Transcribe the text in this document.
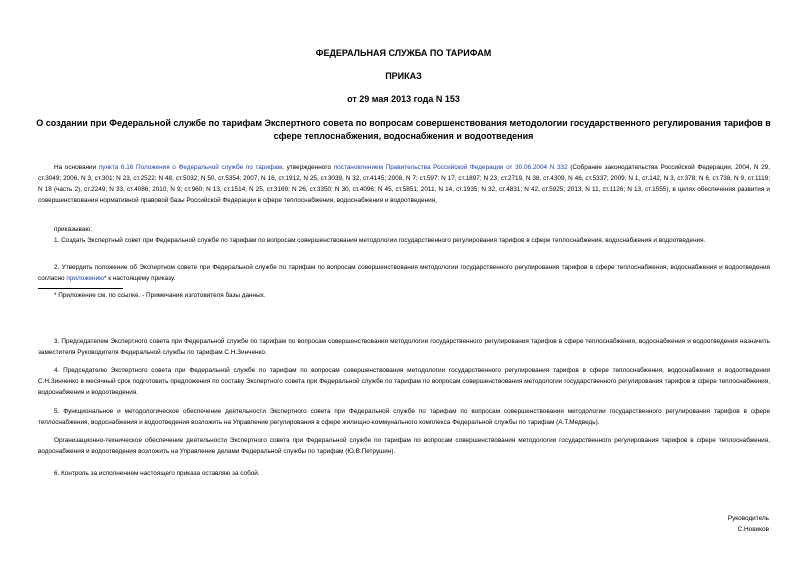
ФЕДЕРАЛЬНАЯ СЛУЖБА ПО ТАРИФАМ
ПРИКАЗ
от 29 мая 2013 года N 153
О создании при Федеральной службе по тарифам Экспертного совета по вопросам совершенствования методологии государственного регулирования тарифов в сфере теплоснабжения, водоснабжения и водоотведения

На основании пункта 6.16 Положения о Федеральной службе по тарифам, утвержденного постановлением Правительства Российской Федерации от 30.06.2004 N 332 (Собрание законодательства Российской Федерации, 2004, N 29, ст.3049; 2006, N 3, ст.301; N 23, ст.2522; N 48, ст.5032; N 50, ст.5354; 2007, N 16, ст.1912, N 25, ст.3039, N 32, ст.4145; 2008, N 7; ст.597; N 17, ст.1897; N 23, ст.2719, N 38, ст.4309, N 46, ст.5337; 2009, N 1, ст.142, N 3, ст.378; N 6, ст.738, N 9, ст.1119; N 18 (часть 2), ст.2249; N 33, ст.4086; 2010, N 9; ст.960; N 13, ст.1514; N 25, ст.3169; N 26, ст.3350; N 30, ст.4096; N 45, ст.5851; 2011, N 14, ст.1935; N 32, ст.4831; N 42, ст.5925; 2013, N 11, ст.1126; N 13, ст.1555), в целях обеспечения развития и совершенствования нормативной правовой базы Российской Федерации в сфере теплоснабжения, водоснабжения и водоотведения,

приказываю:

1. Создать Экспертный совет при Федеральной службе по тарифам по вопросам совершенствования методологии государственного регулирования тарифов в сфере теплоснабжения, водоснабжения и водоотведения.

2. Утвердить положение об Экспертном совете при Федеральной службе по тарифам по вопросам совершенствования методологии государственного регулирования тарифов в сфере теплоснабжения, водоснабжения и водоотведения согласно приложению* к настоящему приказу.

* Приложение см. по ссылке. - Примечание изготовителя базы данных.

3. Председателем Экспертного совета при Федеральной службе по тарифам по вопросам совершенствования методологии государственного регулирования тарифов в сфере теплоснабжения, водоснабжения и водоотведения назначить заместителя Руководителя Федеральной службы по тарифам С.Н.Зинченко.

4. Председателю Экспертного совета при Федеральной службе по тарифам по вопросам совершенствования методологии государственного регулирования тарифов в сфере теплоснабжения, водоснабжения и водоотведения С.Н.Зинченко в месячный срок подготовить предложения по составу Экспертного совета при Федеральной службе по тарифам по вопросам совершенствования методологии государственного регулирования тарифов в сфере теплоснабжения, водоснабжения и водоотведения.

5. Функциональное и методологическое обеспечение деятельности Экспертного совета при Федеральной службе по тарифам по вопросам совершенствования методологии государственного регулирования тарифов в сфере теплоснабжения, водоснабжения и водоотведения возложить на Управление регулирования в сфере жилищно-коммунального комплекса Федеральной службы по тарифам (А.Т.Медведь).

Организационно-техническое обеспечение деятельности Экспертного совета при Федеральной службе по тарифам по вопросам совершенствования методологии государственного регулирования тарифов в сфере теплоснабжения, водоснабжения и водоотведения возложить на Управление делами Федеральной службы по тарифам (Ю.В.Петрушин).

6. Контроль за исполнением настоящего приказа оставляю за собой.

Руководитель
С.Новиков
